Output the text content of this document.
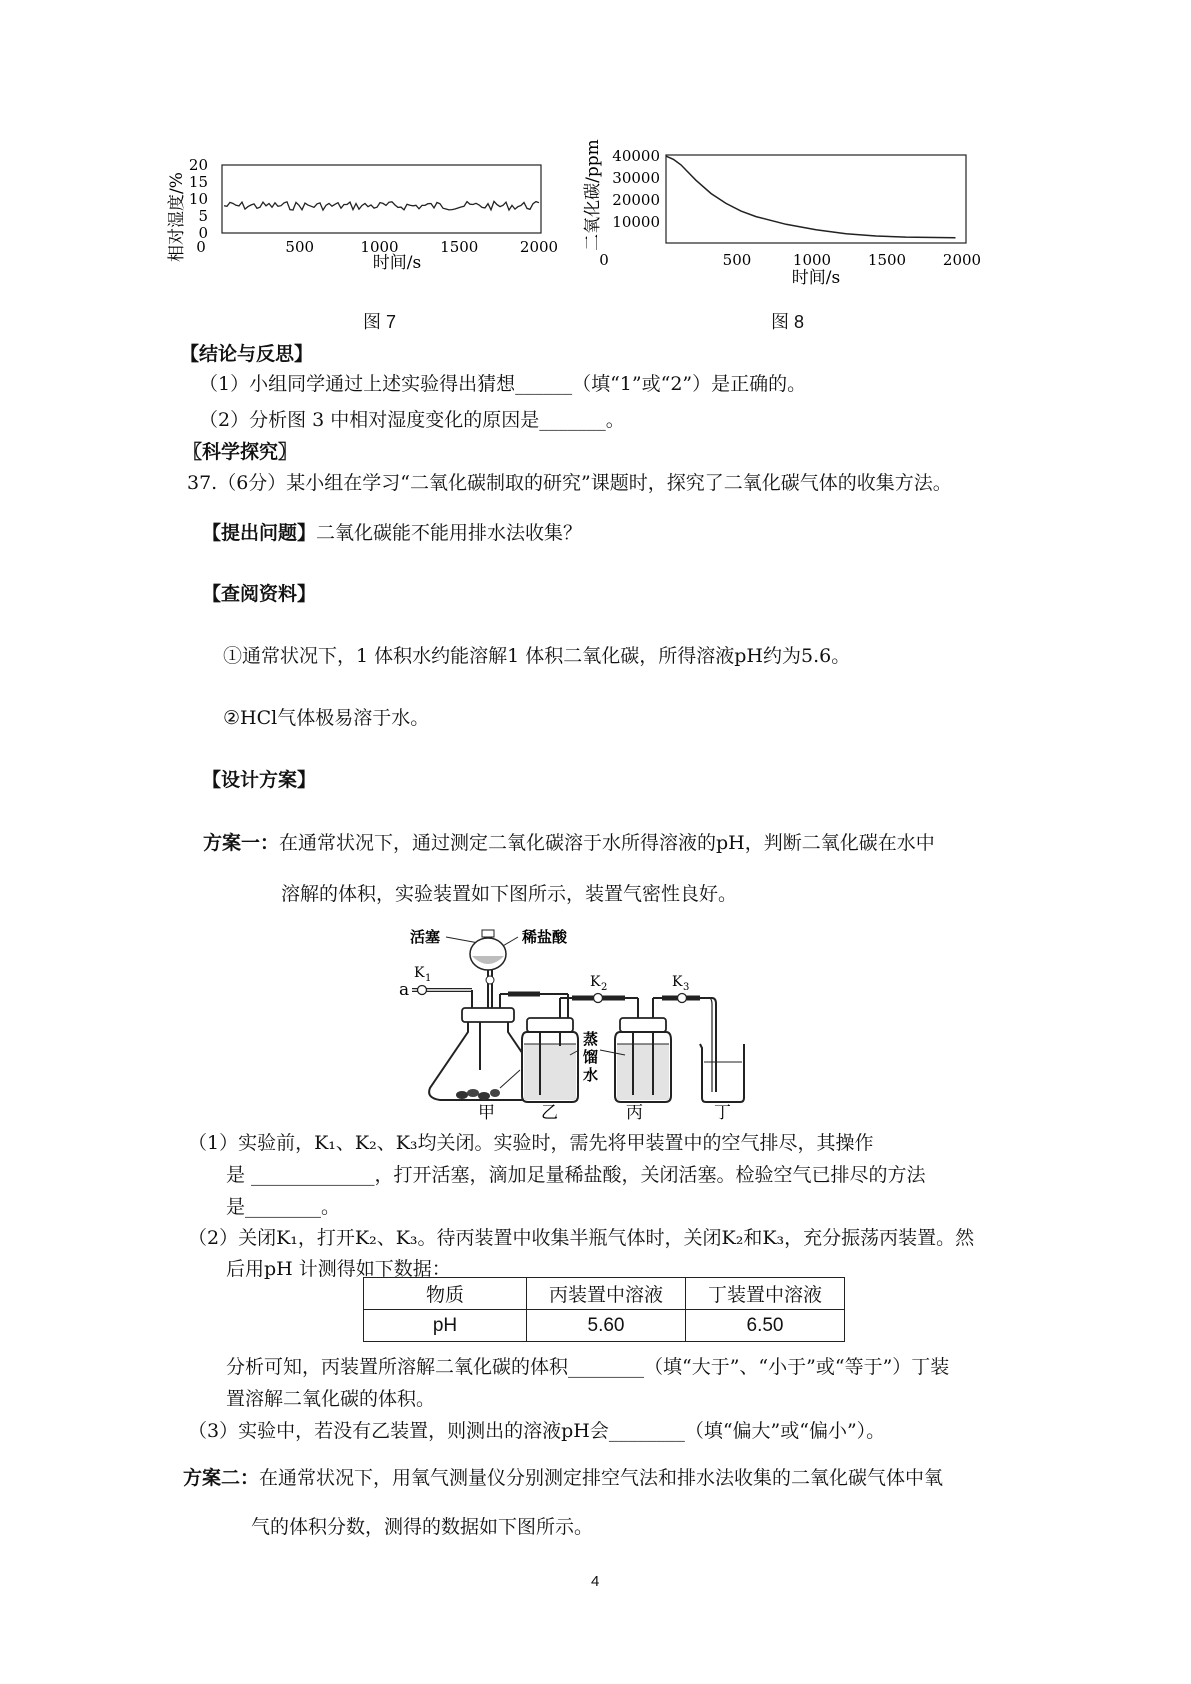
相对湿度/% 0
5
10
15
20
0	500	1000	1500	2000
时间/s
二氧化碳/ppm 10000
20000
30000
40000
0	500	1000 1500 2000
时间/s
图 7	图 8
【结论与反思】
（1）小组同学通过上述实验得出猜想______（填“1”或“2”）是正确的。
（2）分析图 3 中相对湿度变化的原因是_______。
〖科学探究〗
37.（6分）某小组在学习“二氧化碳制取的研究”课题时，探究了二氧化碳气体的收集方法。
【提出问题】二氧化碳能不能用排水法收集？
【查阅资料】
①通常状况下，1 体积水约能溶解1 体积二氧化碳，所得溶液pH约为5.6。
②HCl气体极易溶于水。
【设计方案】
方案一：在通常状况下，通过测定二氧化碳溶于水所得溶液的pH，判断二氧化碳在水中
溶解的体积，实验装置如下图所示，装置气密性良好。
活塞	稀盐酸
K 1
a	K 2
蒸
馏
水
K 3
甲	乙	丙	丁
（1）实验前，K₁、K₂、K₃均关闭。实验时，需先将甲装置中的空气排尽，其操作
是 _____________，打开活塞，滴加足量稀盐酸，关闭活塞。检验空气已排尽的方法
是________。
（2）关闭K₁，打开K₂、K₃。待丙装置中收集半瓶气体时，关闭K₂和K₃，充分振荡丙装置。然
后用pH 计测得如下数据：
物质	丙装置中溶液	丁装置中溶液
pH	5.60	6.50
分析可知，丙装置所溶解二氧化碳的体积________（填“大于”、“小于”或“等于”）丁装
置溶解二氧化碳的体积。
（3）实验中，若没有乙装置，则测出的溶液pH会________（填“偏大”或“偏小”）。
方案二：在通常状况下，用氧气测量仪分别测定排空气法和排水法收集的二氧化碳气体中氧
气的体积分数，测得的数据如下图所示。
4
